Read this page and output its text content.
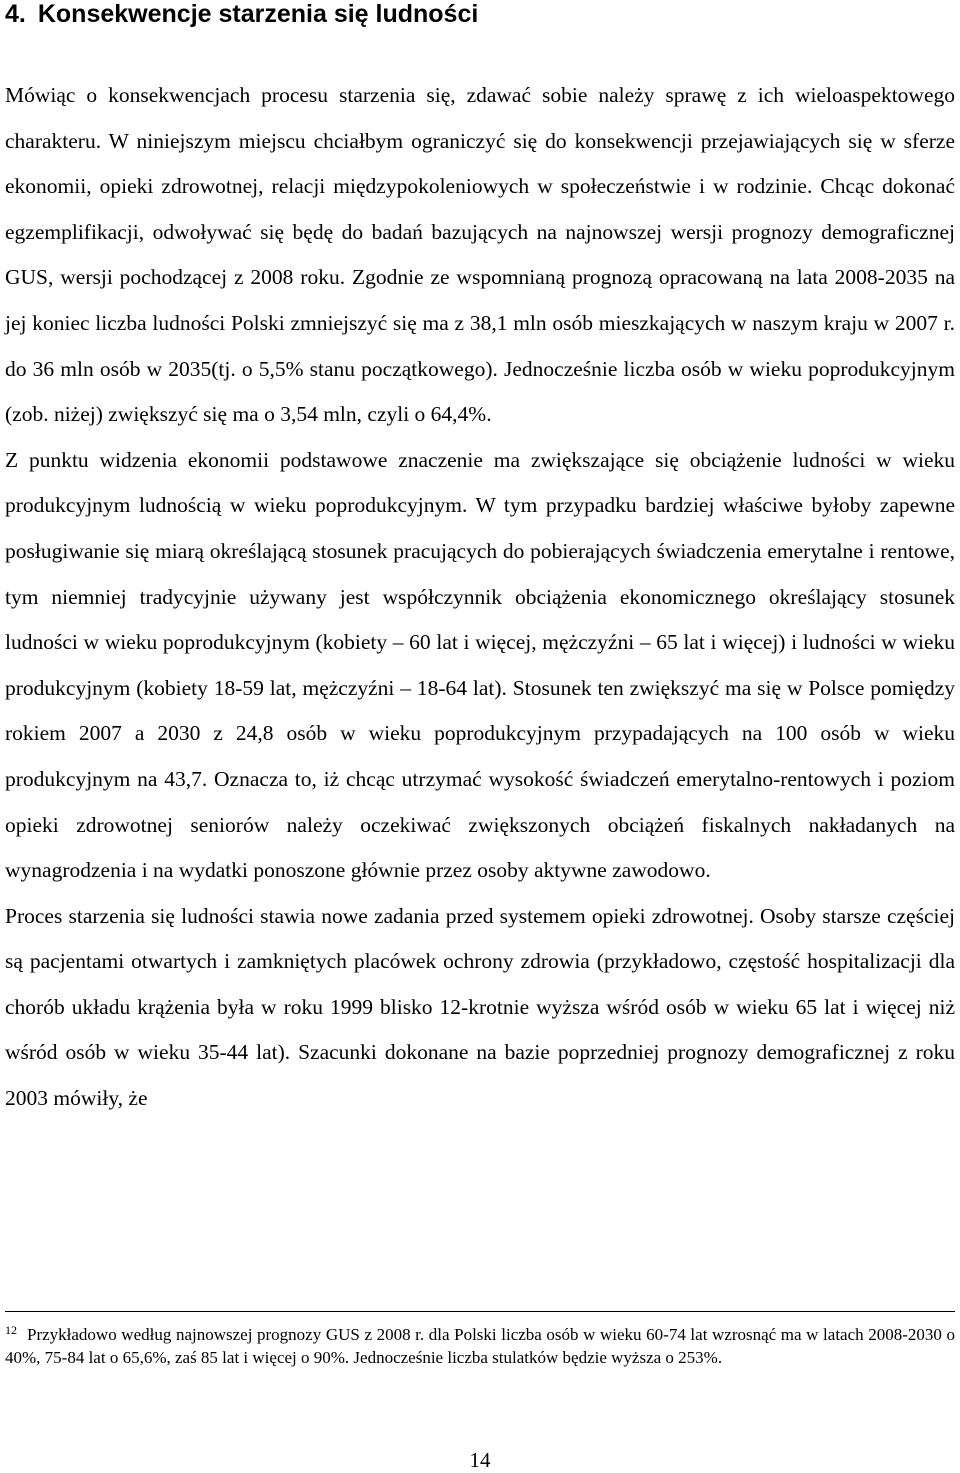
4. Konsekwencje starzenia się ludności

Mówiąc o konsekwencjach procesu starzenia się, zdawać sobie należy sprawę z ich wieloaspektowego charakteru. W niniejszym miejscu chciałbym ograniczyć się do konsekwencji przejawiających się w sferze ekonomii, opieki zdrowotnej, relacji międzypokoleniowych w społeczeństwie i w rodzinie. Chcąc dokonać egzemplifikacji, odwoływać się będę do badań bazujących na najnowszej wersji prognozy demograficznej GUS, wersji pochodzącej z 2008 roku. Zgodnie ze wspomnianą prognozą opracowaną na lata 2008-2035 na jej koniec liczba ludności Polski zmniejszyć się ma z 38,1 mln osób mieszkających w naszym kraju w 2007 r. do 36 mln osób w 2035(tj. o 5,5% stanu początkowego). Jednocześnie liczba osób w wieku poprodukcyjnym (zob. niżej) zwiększyć się ma o 3,54 mln, czyli o 64,4%.

Z punktu widzenia ekonomii podstawowe znaczenie ma zwiększające się obciążenie ludności w wieku produkcyjnym ludnością w wieku poprodukcyjnym. W tym przypadku bardziej właściwe byłoby zapewne posługiwanie się miarą określającą stosunek pracujących do pobierających świadczenia emerytalne i rentowe, tym niemniej tradycyjnie używany jest współczynnik obciążenia ekonomicznego określający stosunek ludności w wieku poprodukcyjnym (kobiety – 60 lat i więcej, mężczyźni – 65 lat i więcej) i ludności w wieku produkcyjnym (kobiety 18-59 lat, mężczyźni – 18-64 lat). Stosunek ten zwiększyć ma się w Polsce pomiędzy rokiem 2007 a 2030 z 24,8 osób w wieku poprodukcyjnym przypadających na 100 osób w wieku produkcyjnym na 43,7. Oznacza to, iż chcąc utrzymać wysokość świadczeń emerytalno-rentowych i poziom opieki zdrowotnej seniorów należy oczekiwać zwiększonych obciążeń fiskalnych nakładanych na wynagrodzenia i na wydatki ponoszone głównie przez osoby aktywne zawodowo.

Proces starzenia się ludności stawia nowe zadania przed systemem opieki zdrowotnej. Osoby starsze częściej są pacjentami otwartych i zamkniętych placówek ochrony zdrowia (przykładowo, częstość hospitalizacji dla chorób układu krążenia była w roku 1999 blisko 12-krotnie wyższa wśród osób w wieku 65 lat i więcej niż wśród osób w wieku 35-44 lat). Szacunki dokonane na bazie poprzedniej prognozy demograficznej z roku 2003 mówiły, że

$^{12}$ Przykładowo według najnowszej prognozy GUS z 2008 r. dla Polski liczba osób w wieku 60-74 lat wzrosnąć ma w latach 2008-2030 o 40%, 75-84 lat o 65,6%, zaś 85 lat i więcej o 90%. Jednocześnie liczba stulatków będzie wyższa o 253%.

14
